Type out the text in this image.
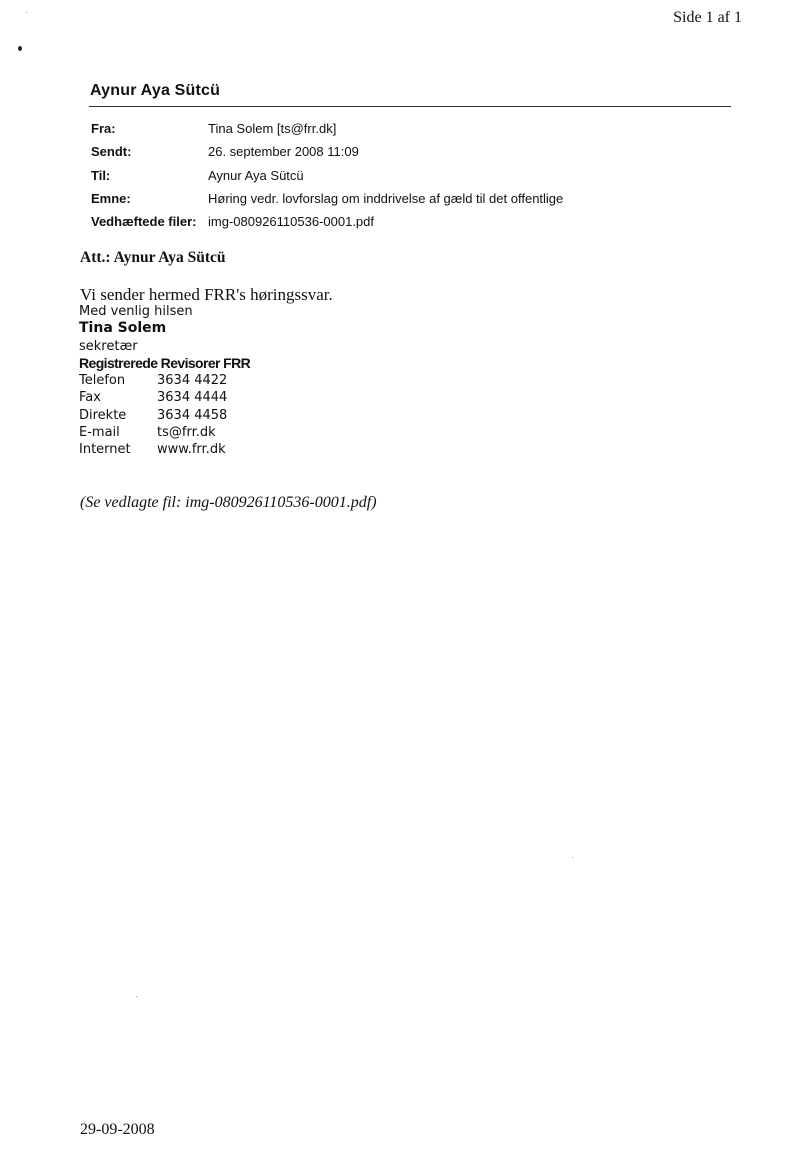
Side 1 af 1
Aynur Aya Sütcü
Fra:	Tina Solem [ts@frr.dk]
Sendt:	26. september 2008 11:09
Til:	Aynur Aya Sütcü
Emne:	Høring vedr. lovforslag om inddrivelse af gæld til det offentlige
Vedhæftede filer: img-080926110536-0001.pdf
Att.: Aynur Aya Sütcü
Vi sender hermed FRR's høringssvar.
Med venlig hilsen
Tina Solem
sekretær
Registrerede Revisorer FRR
Telefon	3634 4422
Fax	3634 4444
Direkte	3634 4458
E-mail	ts@frr.dk
Internet	www.frr.dk
(Se vedlagte fil: img-080926110536-0001.pdf)
29-09-2008
